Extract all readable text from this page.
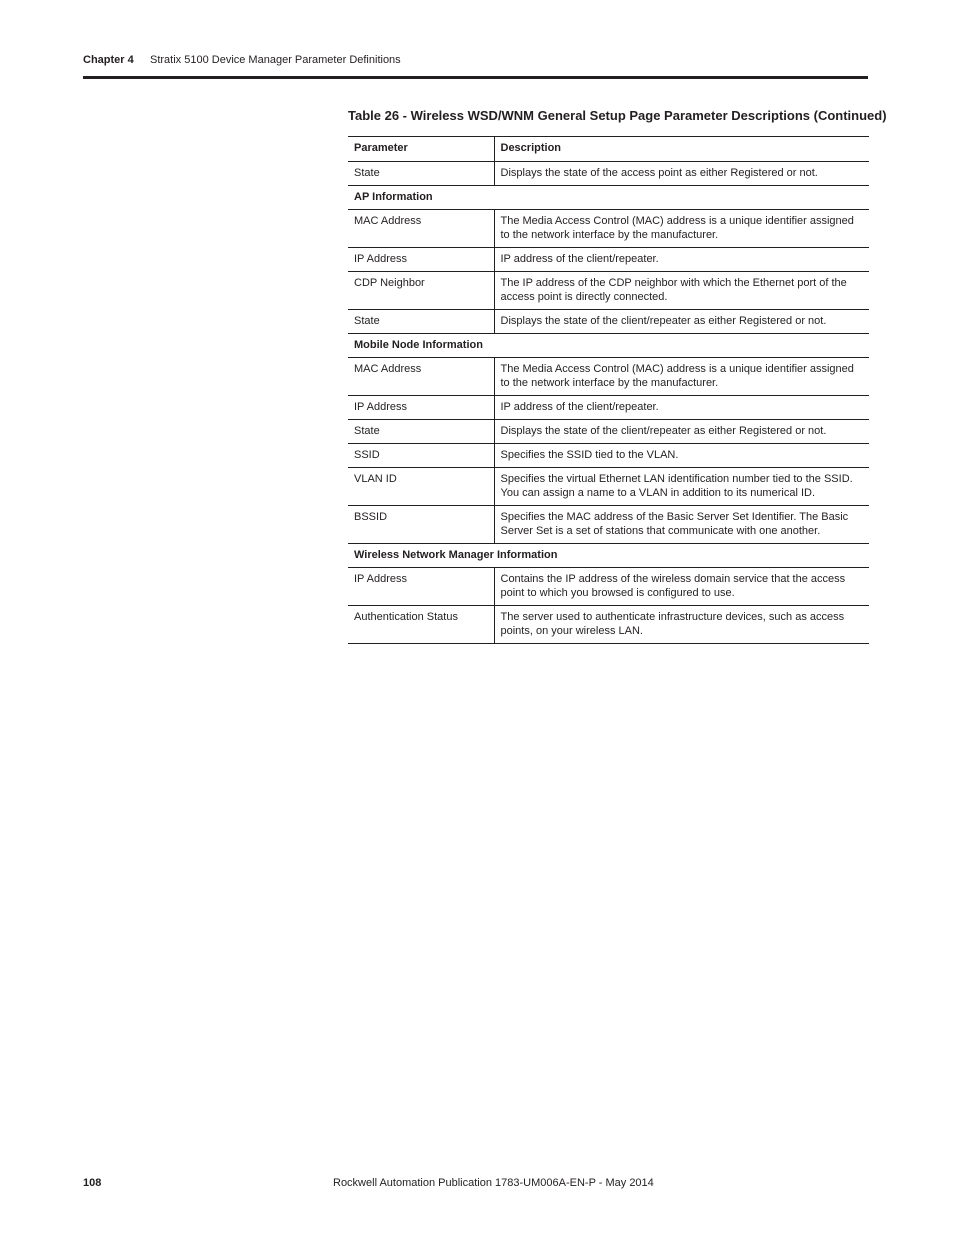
Chapter 4 Stratix 5100 Device Manager Parameter Definitions
Table 26 - Wireless WSD/WNM General Setup Page Parameter Descriptions (Continued)
Parameter	Description
State	Displays the state of the access point as either Registered or not.
AP Information	
MAC Address	The Media Access Control (MAC) address is a unique identifier assigned to the network interface by the manufacturer.
IP Address	IP address of the client/repeater.
CDP Neighbor	The IP address of the CDP neighbor with which the Ethernet port of the access point is directly connected.
State	Displays the state of the client/repeater as either Registered or not.
Mobile Node Information	
MAC Address	The Media Access Control (MAC) address is a unique identifier assigned to the network interface by the manufacturer.
IP Address	IP address of the client/repeater.
State	Displays the state of the client/repeater as either Registered or not.
SSID	Specifies the SSID tied to the VLAN.
VLAN ID	Specifies the virtual Ethernet LAN identification number tied to the SSID. You can assign a name to a VLAN in addition to its numerical ID.
BSSID	Specifies the MAC address of the Basic Server Set Identifier. The Basic Server Set is a set of stations that communicate with one another.
Wireless Network Manager Information	
IP Address	Contains the IP address of the wireless domain service that the access point to which you browsed is configured to use.
Authentication Status	The server used to authenticate infrastructure devices, such as access points, on your wireless LAN.
108	Rockwell Automation Publication 1783-UM006A-EN-P - May 2014
